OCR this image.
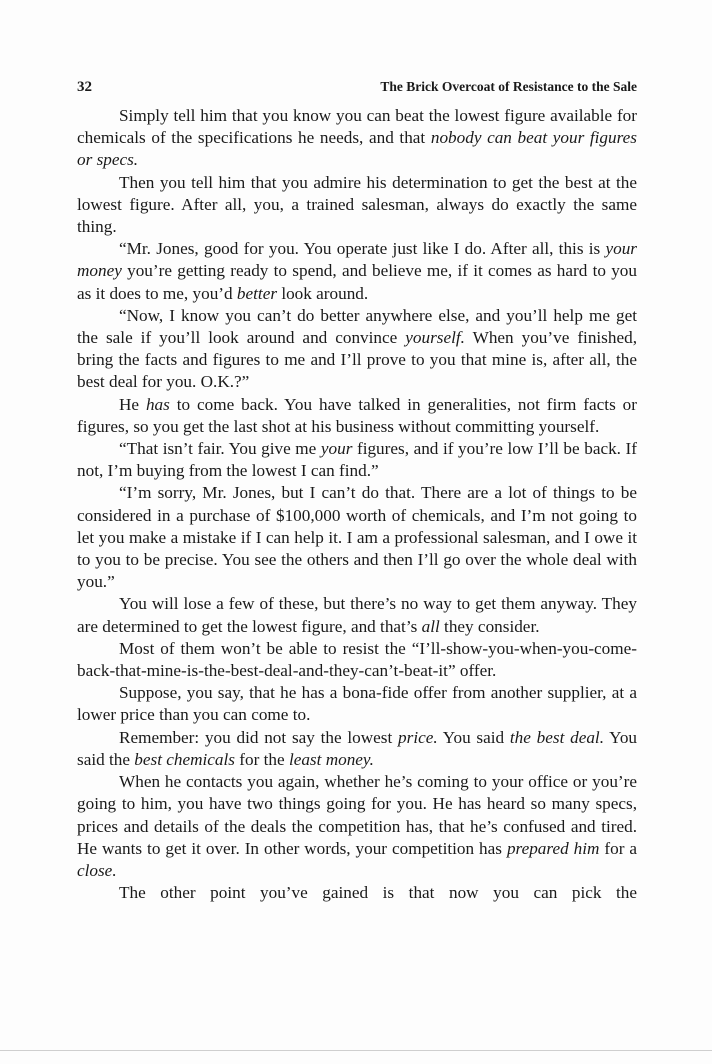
32	The Brick Overcoat of Resistance to the Sale

Simply tell him that you know you can beat the lowest figure available for chemicals of the specifications he needs, and that nobody can beat your figures or specs.

Then you tell him that you admire his determination to get the best at the lowest figure. After all, you, a trained salesman, always do exactly the same thing.

“Mr. Jones, good for you. You operate just like I do. After all, this is your money you’re getting ready to spend, and believe me, if it comes as hard to you as it does to me, you’d better look around.

“Now, I know you can’t do better anywhere else, and you’ll help me get the sale if you’ll look around and convince yourself. When you’ve finished, bring the facts and figures to me and I’ll prove to you that mine is, after all, the best deal for you. O.K.?”

He has to come back. You have talked in generalities, not firm facts or figures, so you get the last shot at his business without committing yourself.

“That isn’t fair. You give me your figures, and if you’re low I’ll be back. If not, I’m buying from the lowest I can find.”

“I’m sorry, Mr. Jones, but I can’t do that. There are a lot of things to be considered in a purchase of $100,000 worth of chemicals, and I’m not going to let you make a mistake if I can help it. I am a professional salesman, and I owe it to you to be precise. You see the others and then I’ll go over the whole deal with you.”

You will lose a few of these, but there’s no way to get them anyway. They are determined to get the lowest figure, and that’s all they consider.

Most of them won’t be able to resist the “I’ll-show-you-when-you-come-back-that-mine-is-the-best-deal-and-they-can’t-beat-it” offer.

Suppose, you say, that he has a bona-fide offer from another supplier, at a lower price than you can come to.

Remember: you did not say the lowest price. You said the best deal. You said the best chemicals for the least money.

When he contacts you again, whether he’s coming to your office or you’re going to him, you have two things going for you. He has heard so many specs, prices and details of the deals the competition has, that he’s confused and tired. He wants to get it over. In other words, your competition has prepared him for a close.

The other point you’ve gained is that now you can pick the
